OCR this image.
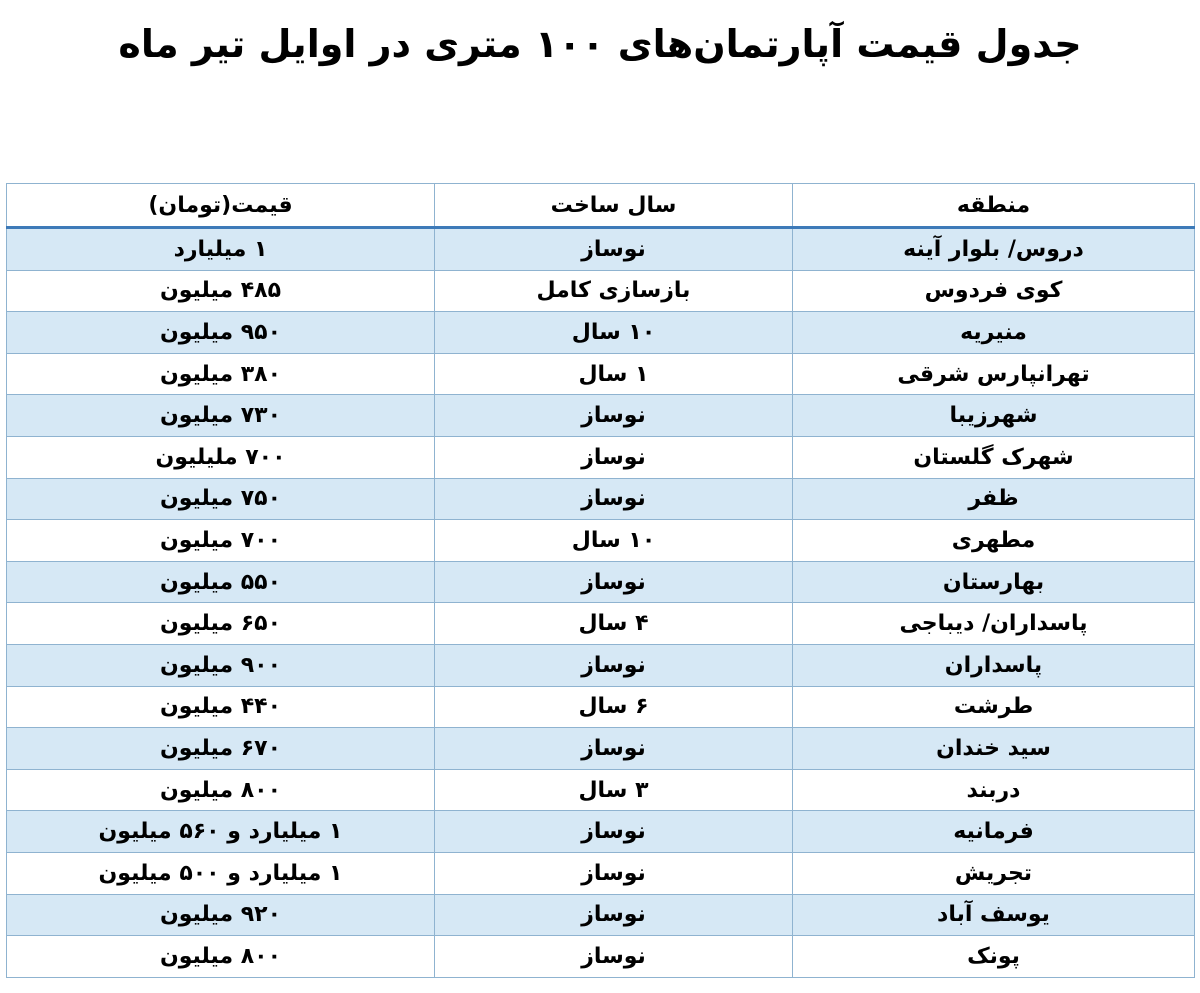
جدول قیمت آپارتمان‌های ۱۰۰ متری در اوایل تیر ماه
منطقه	سال ساخت	قیمت(تومان)
دروس/ بلوار آینه	نوساز	۱ میلیارد
کوی فردوس	بازسازی کامل	۴۸۵ میلیون
منیریه	۱۰ سال	۹۵۰ میلیون
تهرانپارس شرقی	۱ سال	۳۸۰ میلیون
شهرزیبا	نوساز	۷۳۰ میلیون
شهرک گلستان	نوساز	۷۰۰ ملیلیون
ظفر	نوساز	۷۵۰ میلیون
مطهری	۱۰ سال	۷۰۰ میلیون
بهارستان	نوساز	۵۵۰ میلیون
پاسداران/ دیباجی	۴ سال	۶۵۰ میلیون
پاسداران	نوساز	۹۰۰ میلیون
طرشت	۶ سال	۴۴۰ میلیون
سید خندان	نوساز	۶۷۰ میلیون
دربند	۳ سال	۸۰۰ میلیون
فرمانیه	نوساز	۱ میلیارد و ۵۶۰ میلیون
تجریش	نوساز	۱ میلیارد و ۵۰۰ میلیون
یوسف آباد	نوساز	۹۲۰ میلیون
پونک	نوساز	۸۰۰ میلیون
